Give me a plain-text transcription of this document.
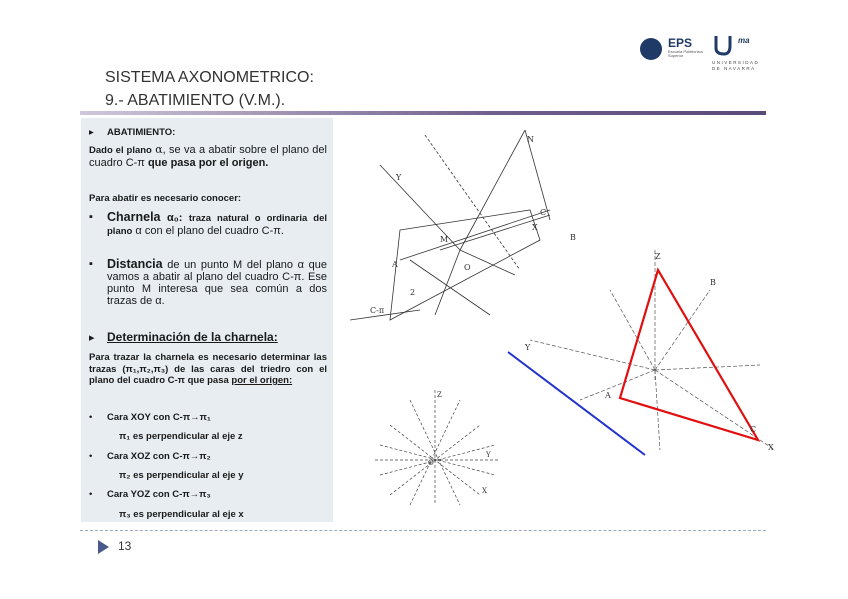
EPS
Escuela Politécnica Superior
ma
UNIVERSIDAD DE NAVARRA
SISTEMA AXONOMETRICO:
9.- ABATIMIENTO (V.M.).
▸ ABATIMIENTO:
Dado el plano α, se va a abatir sobre el plano del cuadro C-π que pasa por el origen.
Para abatir es necesario conocer:
▪ Charnela α₀: traza natural o ordinaria del plano α con el plano del cuadro C-π.
▪ Distancia de un punto M del plano α que vamos a abatir al plano del cuadro C-π. Ese punto M interesa que sea común a dos trazas de α.
▸ Determinación de la charnela:
Para trazar la charnela es necesario determinar las trazas (π₁,π₂,π₃) de las caras del triedro con el plano del cuadro C-π que pasa por el origen:
• Cara XOY con C-π→π₁
π₁ es perpendicular al eje z
• Cara XOZ con C-π→π₂
π₂ es perpendicular al eje y
• Cara YOZ con C-π→π₃
π₃ es perpendicular al eje x
N
Y
X
B
A
M
O
C-π
2
C
Z
X
Y
B
A
C
Z
X
Y
O
13
